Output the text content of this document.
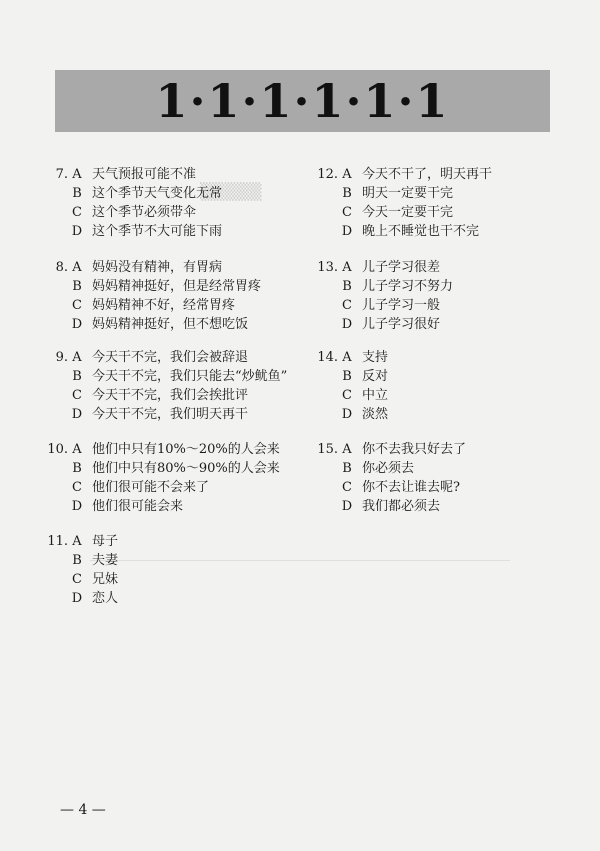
1·1·1·1·1·1
▒▒▒▒▒
7. A 天气预报可能不准
B 这个季节天气变化无常
C 这个季节必须带伞
D 这个季节不大可能下雨
8. A 妈妈没有精神，有胃病
B 妈妈精神挺好，但是经常胃疼
C 妈妈精神不好，经常胃疼
D 妈妈精神挺好，但不想吃饭
9. A 今天干不完，我们会被辞退
B 今天干不完，我们只能去“炒鱿鱼”
C 今天干不完，我们会挨批评
D 今天干不完，我们明天再干
10. A 他们中只有10%～20%的人会来
B 他们中只有80%～90%的人会来
C 他们很可能不会来了
D 他们很可能会来
11. A 母子
B 夫妻
C 兄妹
D 恋人
12. A 今天不干了，明天再干
B 明天一定要干完
C 今天一定要干完
D 晚上不睡觉也干不完
13. A 儿子学习很差
B 儿子学习不努力
C 儿子学习一般
D 儿子学习很好
14. A 支持
B 反对
C 中立
D 淡然
15. A 你不去我只好去了
B 你必须去
C 你不去让谁去呢?
D 我们都必须去
— 4 —
